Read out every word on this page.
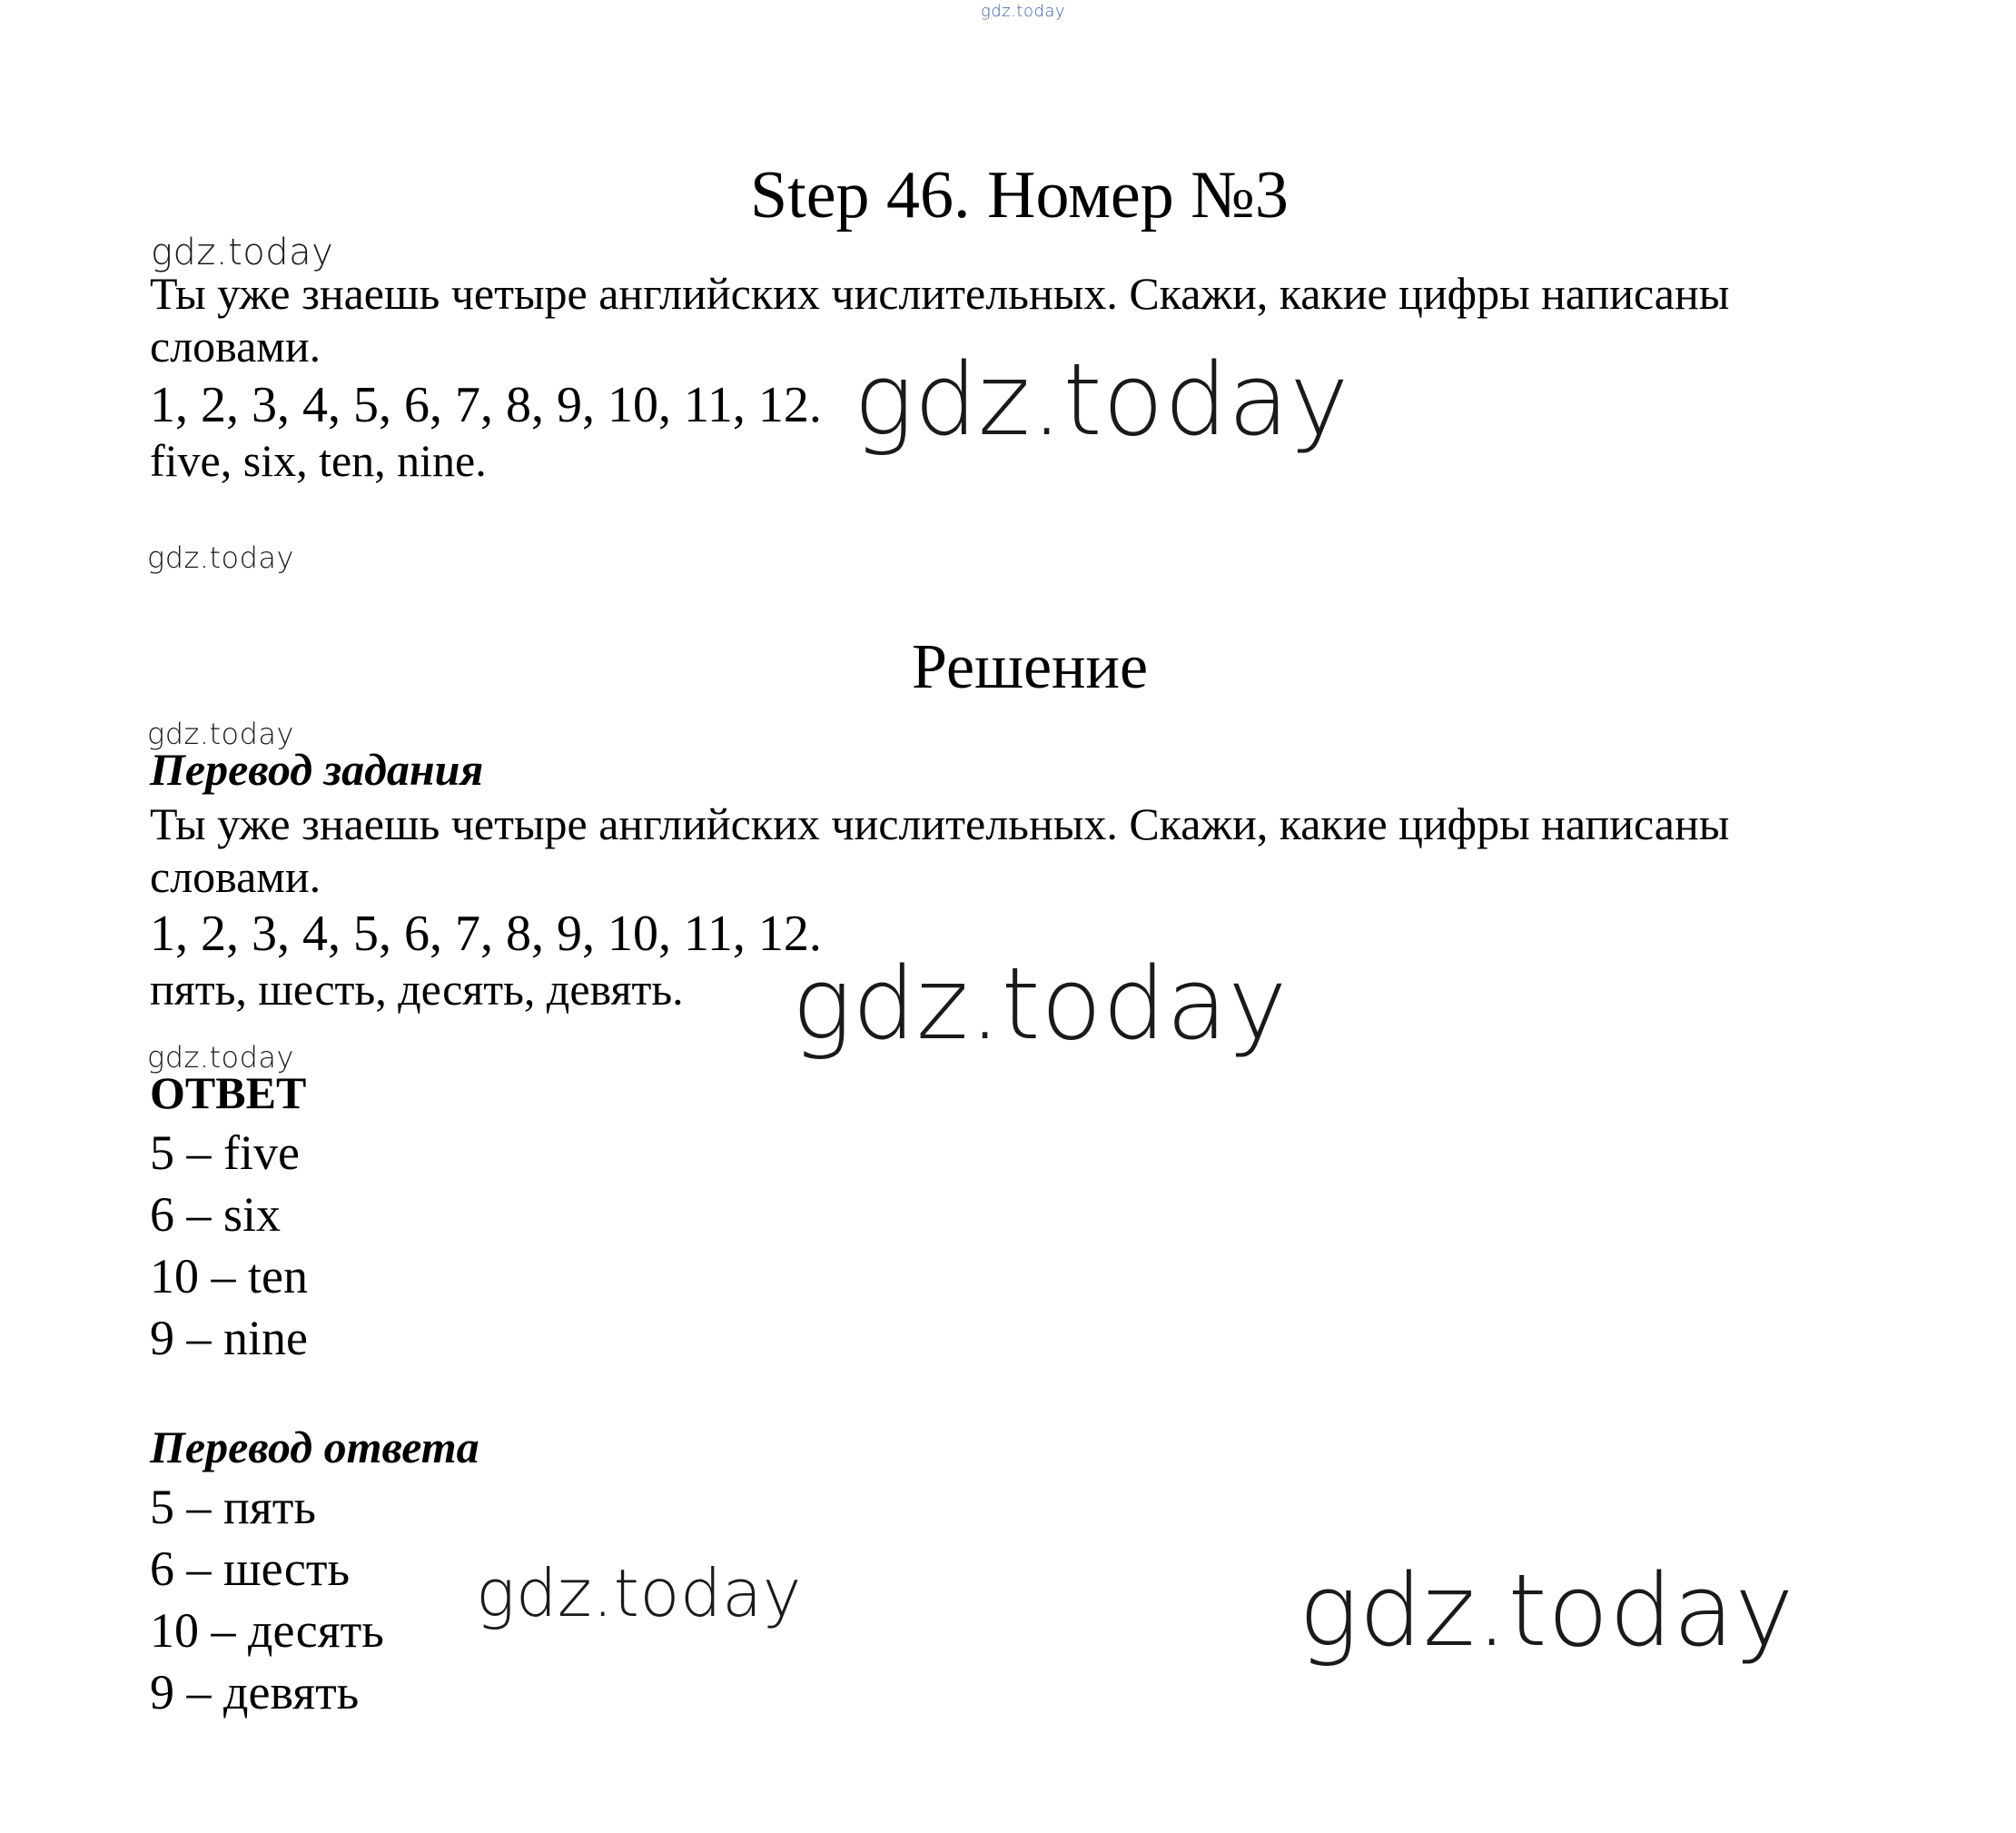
gdz.today
gdz.today
gdz.today
gdz.today
gdz.today
gdz.today
gdz.today
gdz.today	gdz.today
Step 46. Номер №3
Ты уже знаешь четыре английских числительных. Скажи, какие цифры написаны
словами.
1, 2, 3, 4, 5, 6, 7, 8, 9, 10, 11, 12.
five, six, ten, nine.
Решение
Перевод задания
Ты уже знаешь четыре английских числительных. Скажи, какие цифры написаны
словами.
1, 2, 3, 4, 5, 6, 7, 8, 9, 10, 11, 12.
пять, шесть, десять, девять.
ОТВЕТ
5 – five
6 – six
10 – ten
9 – nine
Перевод ответа
5 – пять
6 – шесть
10 – десять
9 – девять
